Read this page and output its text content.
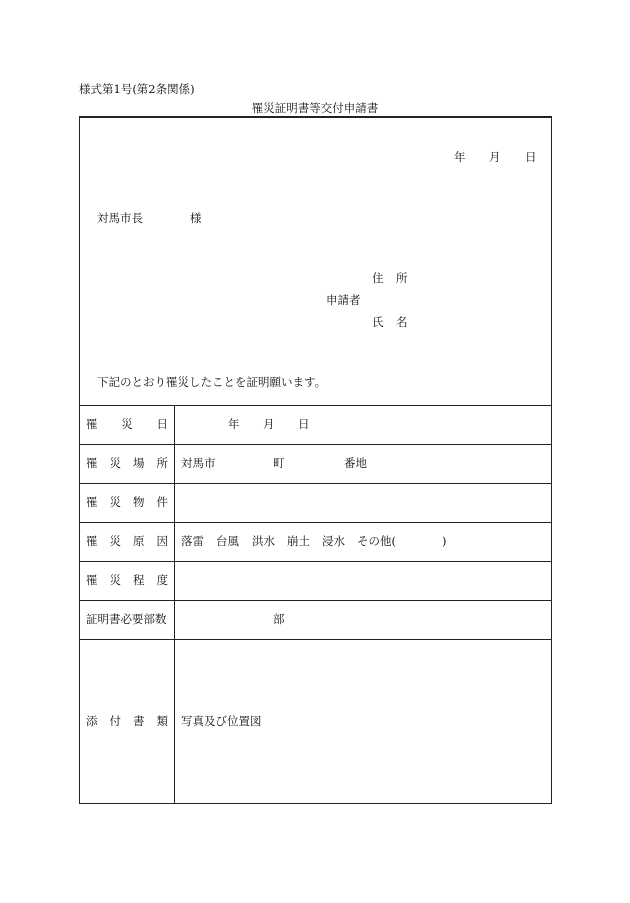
様式第1号(第2条関係)
罹災証明書等交付申請書
年 月 日
対馬市長	様
住 所
申請者
氏 名
下記のとおり罹災したことを証明願います。
罹 災 日	年 月 日
罹 災 場 所 対馬市	町	番地
罹 災 物 件
罹 災 原 因 落雷 台風 洪水 崩土 浸水 その他(	)
罹 災 程 度
証明書必要部数	部
添 付 書 類 写真及び位置図
